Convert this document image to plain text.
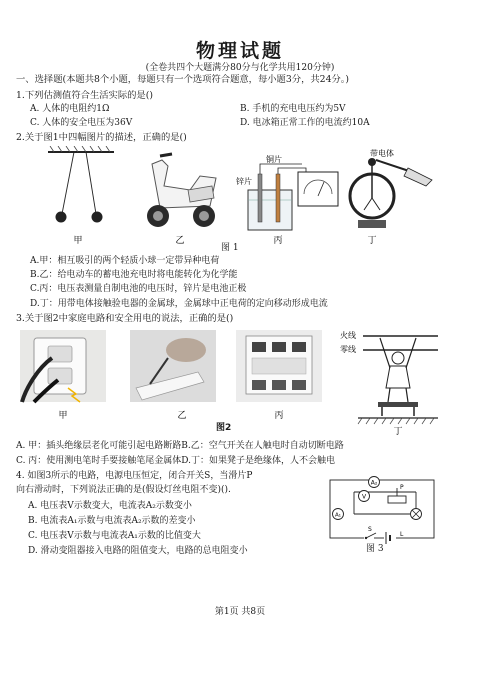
物理试题
(全卷共四个大题满分80分与化学共用120分钟)
一、选择题(本题共8个小题，每题只有一个选项符合题意，每小题3分，共24分。)
1.下列估测值符合生活实际的是()
A. 人体的电阻约1Ω	B. 手机的充电电压约为5V
C. 人体的安全电压为36V	D. 电冰箱正常工作的电流约10A
2.关于图1中四幅图片的描述，正确的是()
甲	乙
锌片
铜片
丙
带电体
丁
图 1
A.甲：相互吸引的两个轻质小球一定带异种电荷
B.乙：给电动车的蓄电池充电时将电能转化为化学能
C.丙：电压表测量自制电池的电压时，锌片是电池正极
D.丁：用带电体接触验电器的金属球，金属球中正电荷的定向移动形成电流
3.关于图2中家庭电路和安全用电的说法，正确的是()
甲	乙	丙
火线
零线
丁
图2
A. 甲：插头绝缘层老化可能引起电路断路B.乙：空气开关在人触电时自动切断电路
C. 丙：使用测电笔时手要接触笔尾金属体D.丁：如果凳子是绝缘体，人不会触电
4. 如图3所示的电路，电源电压恒定，闭合开关S，当滑片P
向右滑动时，下列说法正确的是(假设灯丝电阻不变)().
A. 电压表V示数变大，电流表A₂示数变小
B. 电流表A₁示数与电流表A₂示数的差变小
C. 电压表V示数与电流表A₁示数的比值变大
D. 滑动变阻器接入电路的阻值变大，电路的总电阻变小
A₂
V
P
A₁
S
L
图 3
第1页 共8页
